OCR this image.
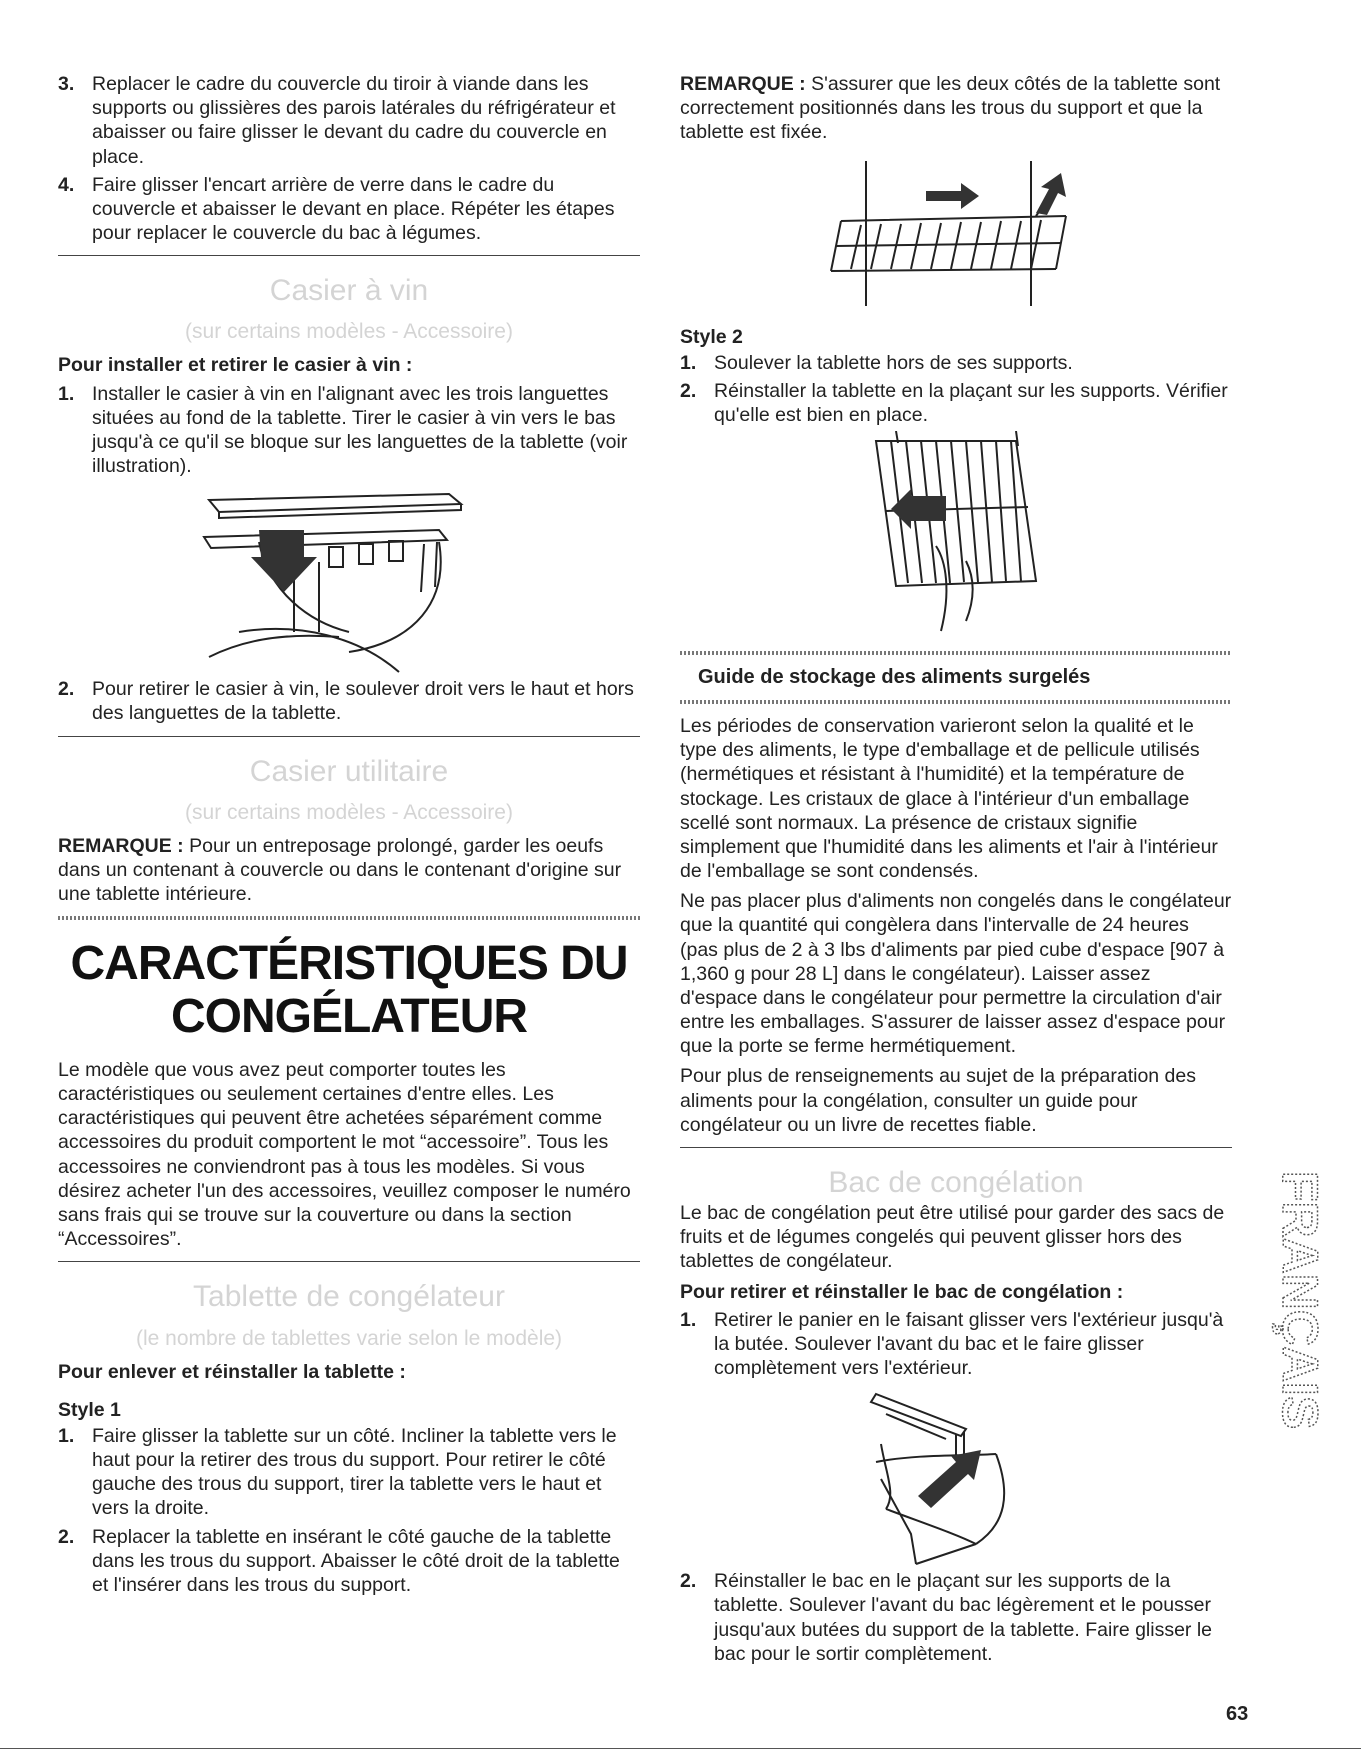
3. Replacer le cadre du couvercle du tiroir à viande dans les supports ou glissières des parois latérales du réfrigérateur et abaisser ou faire glisser le devant du cadre du couvercle en place.
4. Faire glisser l'encart arrière de verre dans le cadre du couvercle et abaisser le devant en place. Répéter les étapes pour replacer le couvercle du bac à légumes.
Casier à vin
(sur certains modèles - Accessoire)
Pour installer et retirer le casier à vin :
1. Installer le casier à vin en l'alignant avec les trois languettes situées au fond de la tablette. Tirer le casier à vin vers le bas jusqu'à ce qu'il se bloque sur les languettes de la tablette (voir illustration).
2. Pour retirer le casier à vin, le soulever droit vers le haut et hors des languettes de la tablette.
Casier utilitaire
(sur certains modèles - Accessoire)

REMARQUE : Pour un entreposage prolongé, garder les oeufs dans un contenant à couvercle ou dans le contenant d'origine sur une tablette intérieure.

CARACTÉRISTIQUES DU
CONGÉLATEUR

Le modèle que vous avez peut comporter toutes les caractéristiques ou seulement certaines d'entre elles. Les caractéristiques qui peuvent être achetées séparément comme accessoires du produit comportent le mot “accessoire”. Tous les accessoires ne conviendront pas à tous les modèles. Si vous désirez acheter l'un des accessoires, veuillez composer le numéro sans frais qui se trouve sur la couverture ou dans la section “Accessoires”.

Tablette de congélateur
(le nombre de tablettes varie selon le modèle)
Pour enlever et réinstaller la tablette :
Style 1
1. Faire glisser la tablette sur un côté. Incliner la tablette vers le haut pour la retirer des trous du support. Pour retirer le côté gauche des trous du support, tirer la tablette vers le haut et vers la droite.
2. Replacer la tablette en insérant le côté gauche de la tablette dans les trous du support. Abaisser le côté droit de la tablette et l'insérer dans les trous du support.

REMARQUE : S'assurer que les deux côtés de la tablette sont correctement positionnés dans les trous du support et que la tablette est fixée.

Style 2
1. Soulever la tablette hors de ses supports.
2. Réinstaller la tablette en la plaçant sur les supports. Vérifier qu'elle est bien en place.
Guide de stockage des aliments surgelés

Les périodes de conservation varieront selon la qualité et le type des aliments, le type d'emballage et de pellicule utilisés (hermétiques et résistant à l'humidité) et la température de stockage. Les cristaux de glace à l'intérieur d'un emballage scellé sont normaux. La présence de cristaux signifie simplement que l'humidité dans les aliments et l'air à l'intérieur de l'emballage se sont condensés.

Ne pas placer plus d'aliments non congelés dans le congélateur que la quantité qui congèlera dans l'intervalle de 24 heures (pas plus de 2 à 3 lbs d'aliments par pied cube d'espace [907 à 1,360 g pour 28 L] dans le congélateur). Laisser assez d'espace dans le congélateur pour permettre la circulation d'air entre les emballages. S'assurer de laisser assez d'espace pour que la porte se ferme hermétiquement.

Pour plus de renseignements au sujet de la préparation des aliments pour la congélation, consulter un guide pour congélateur ou un livre de recettes fiable.

Bac de congélation

Le bac de congélation peut être utilisé pour garder des sacs de fruits et de légumes congelés qui peuvent glisser hors des tablettes de congélateur.

Pour retirer et réinstaller le bac de congélation :
1. Retirer le panier en le faisant glisser vers l'extérieur jusqu'à la butée. Soulever l'avant du bac et le faire glisser complètement vers l'extérieur.
2. Réinstaller le bac en le plaçant sur les supports de la tablette. Soulever l'avant du bac légèrement et le pousser jusqu'aux butées du support de la tablette. Faire glisser le bac pour le sortir complètement.
FRANÇAIS
63
